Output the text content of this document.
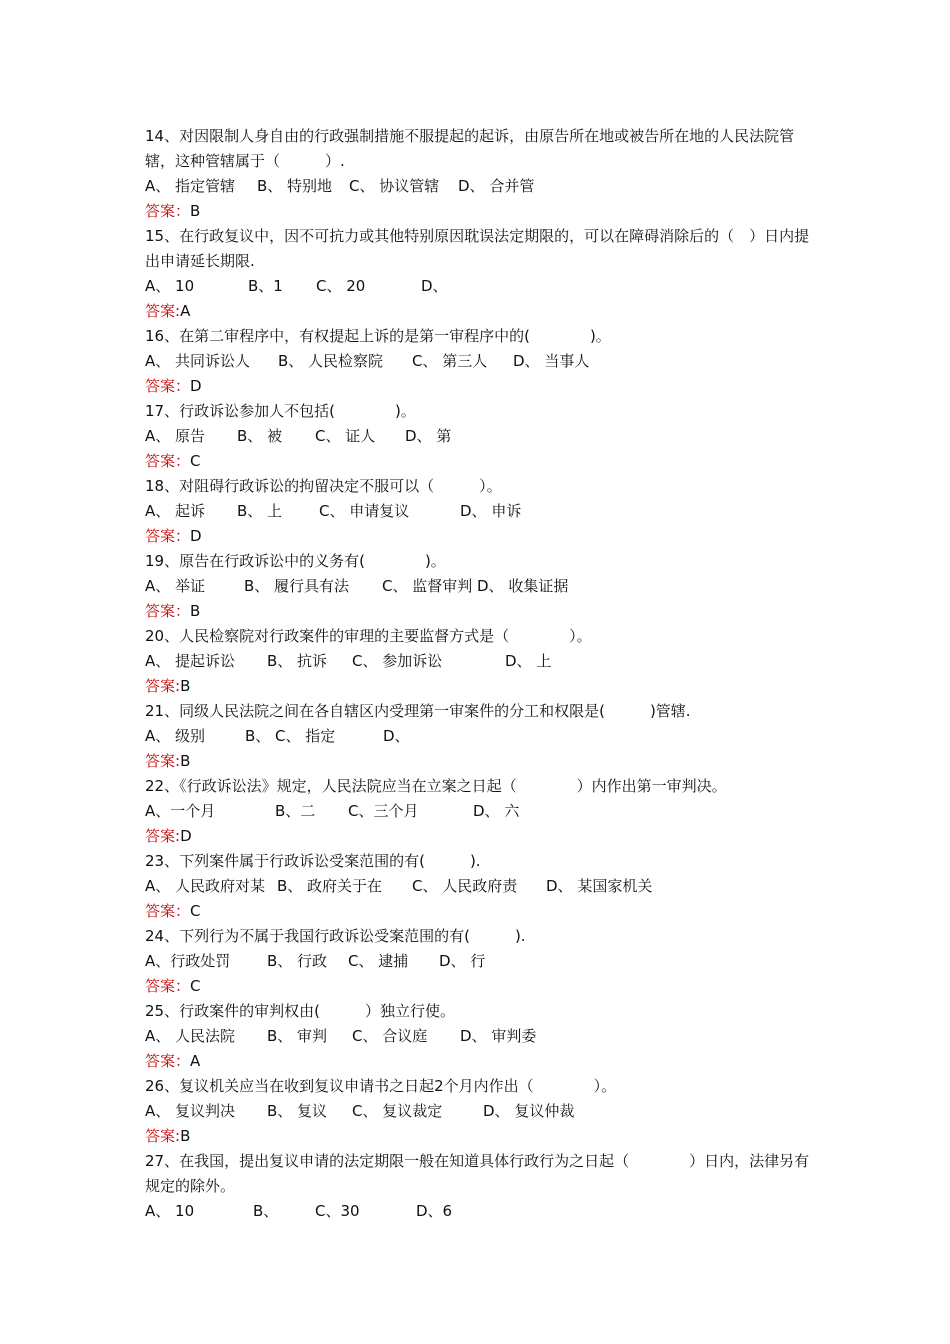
14、对因限制人身自由的行政强制措施不服提起的起诉，由原告所在地或被告所在地的人民法院管辖，这种管辖属于（　　　）.

A、 指定管辖 B、 特别地 C、 协议管辖 D、 合并管
答案：B

15、在行政复议中，因不可抗力或其他特别原因耽误法定期限的，可以在障碍消除后的（　）日内提出申请延长期限.

A、 10	B、1 C、 20	D、
答案:A

16、在第二审程序中，有权提起上诉的是第一审程序中的(　　　　)。

A、 共同诉讼人 B、 人民检察院 C、 第三人 D、 当事人
答案：D

17、行政诉讼参加人不包括(　　　　)。

A、 原告 B、 被 C、 证人 D、 第
答案：C

18、对阻碍行政诉讼的拘留决定不服可以（　　　）。

A、 起诉 B、 上 C、 申请复议	D、 申诉
答案：D

19、原告在行政诉讼中的义务有(　　　　)。

A、 举证	B、 履行具有法 C、 监督审判 D、 收集证据
答案：B

20、人民检察院对行政案件的审理的主要监督方式是（　　　　）。

A、 提起诉讼 B、 抗诉 C、 参加诉讼	D、 上
答案:B

21、同级人民法院之间在各自辖区内受理第一审案件的分工和权限是(　　　)管辖.

A、 级别	B、 C、 指定	D、
答案:B

22、《行政诉讼法》规定，人民法院应当在立案之日起（　　　　）内作出第一审判决。

A、一个月	B、二 C、三个月	D、 六
答案:D

23、下列案件属于行政诉讼受案范围的有(　　　).

A、 人民政府对某 B、 政府关于在 C、 人民政府责 D、 某国家机关
答案：C

24、下列行为不属于我国行政诉讼受案范围的有(　　　).

A、行政处罚 B、 行政 C、 逮捕 D、 行
答案：C

25、行政案件的审判权由(　　　）独立行使。

A、 人民法院 B、 审判 C、 合议庭 D、 审判委
答案：A

26、复议机关应当在收到复议申请书之日起2个月内作出（　　　　）。

A、 复议判决 B、 复议 C、 复议裁定	D、 复议仲裁
答案:B

27、在我国，提出复议申请的法定期限一般在知道具体行政行为之日起（　　　　）日内，法律另有规定的除外。

A、 10	B、 C、30	D、6
